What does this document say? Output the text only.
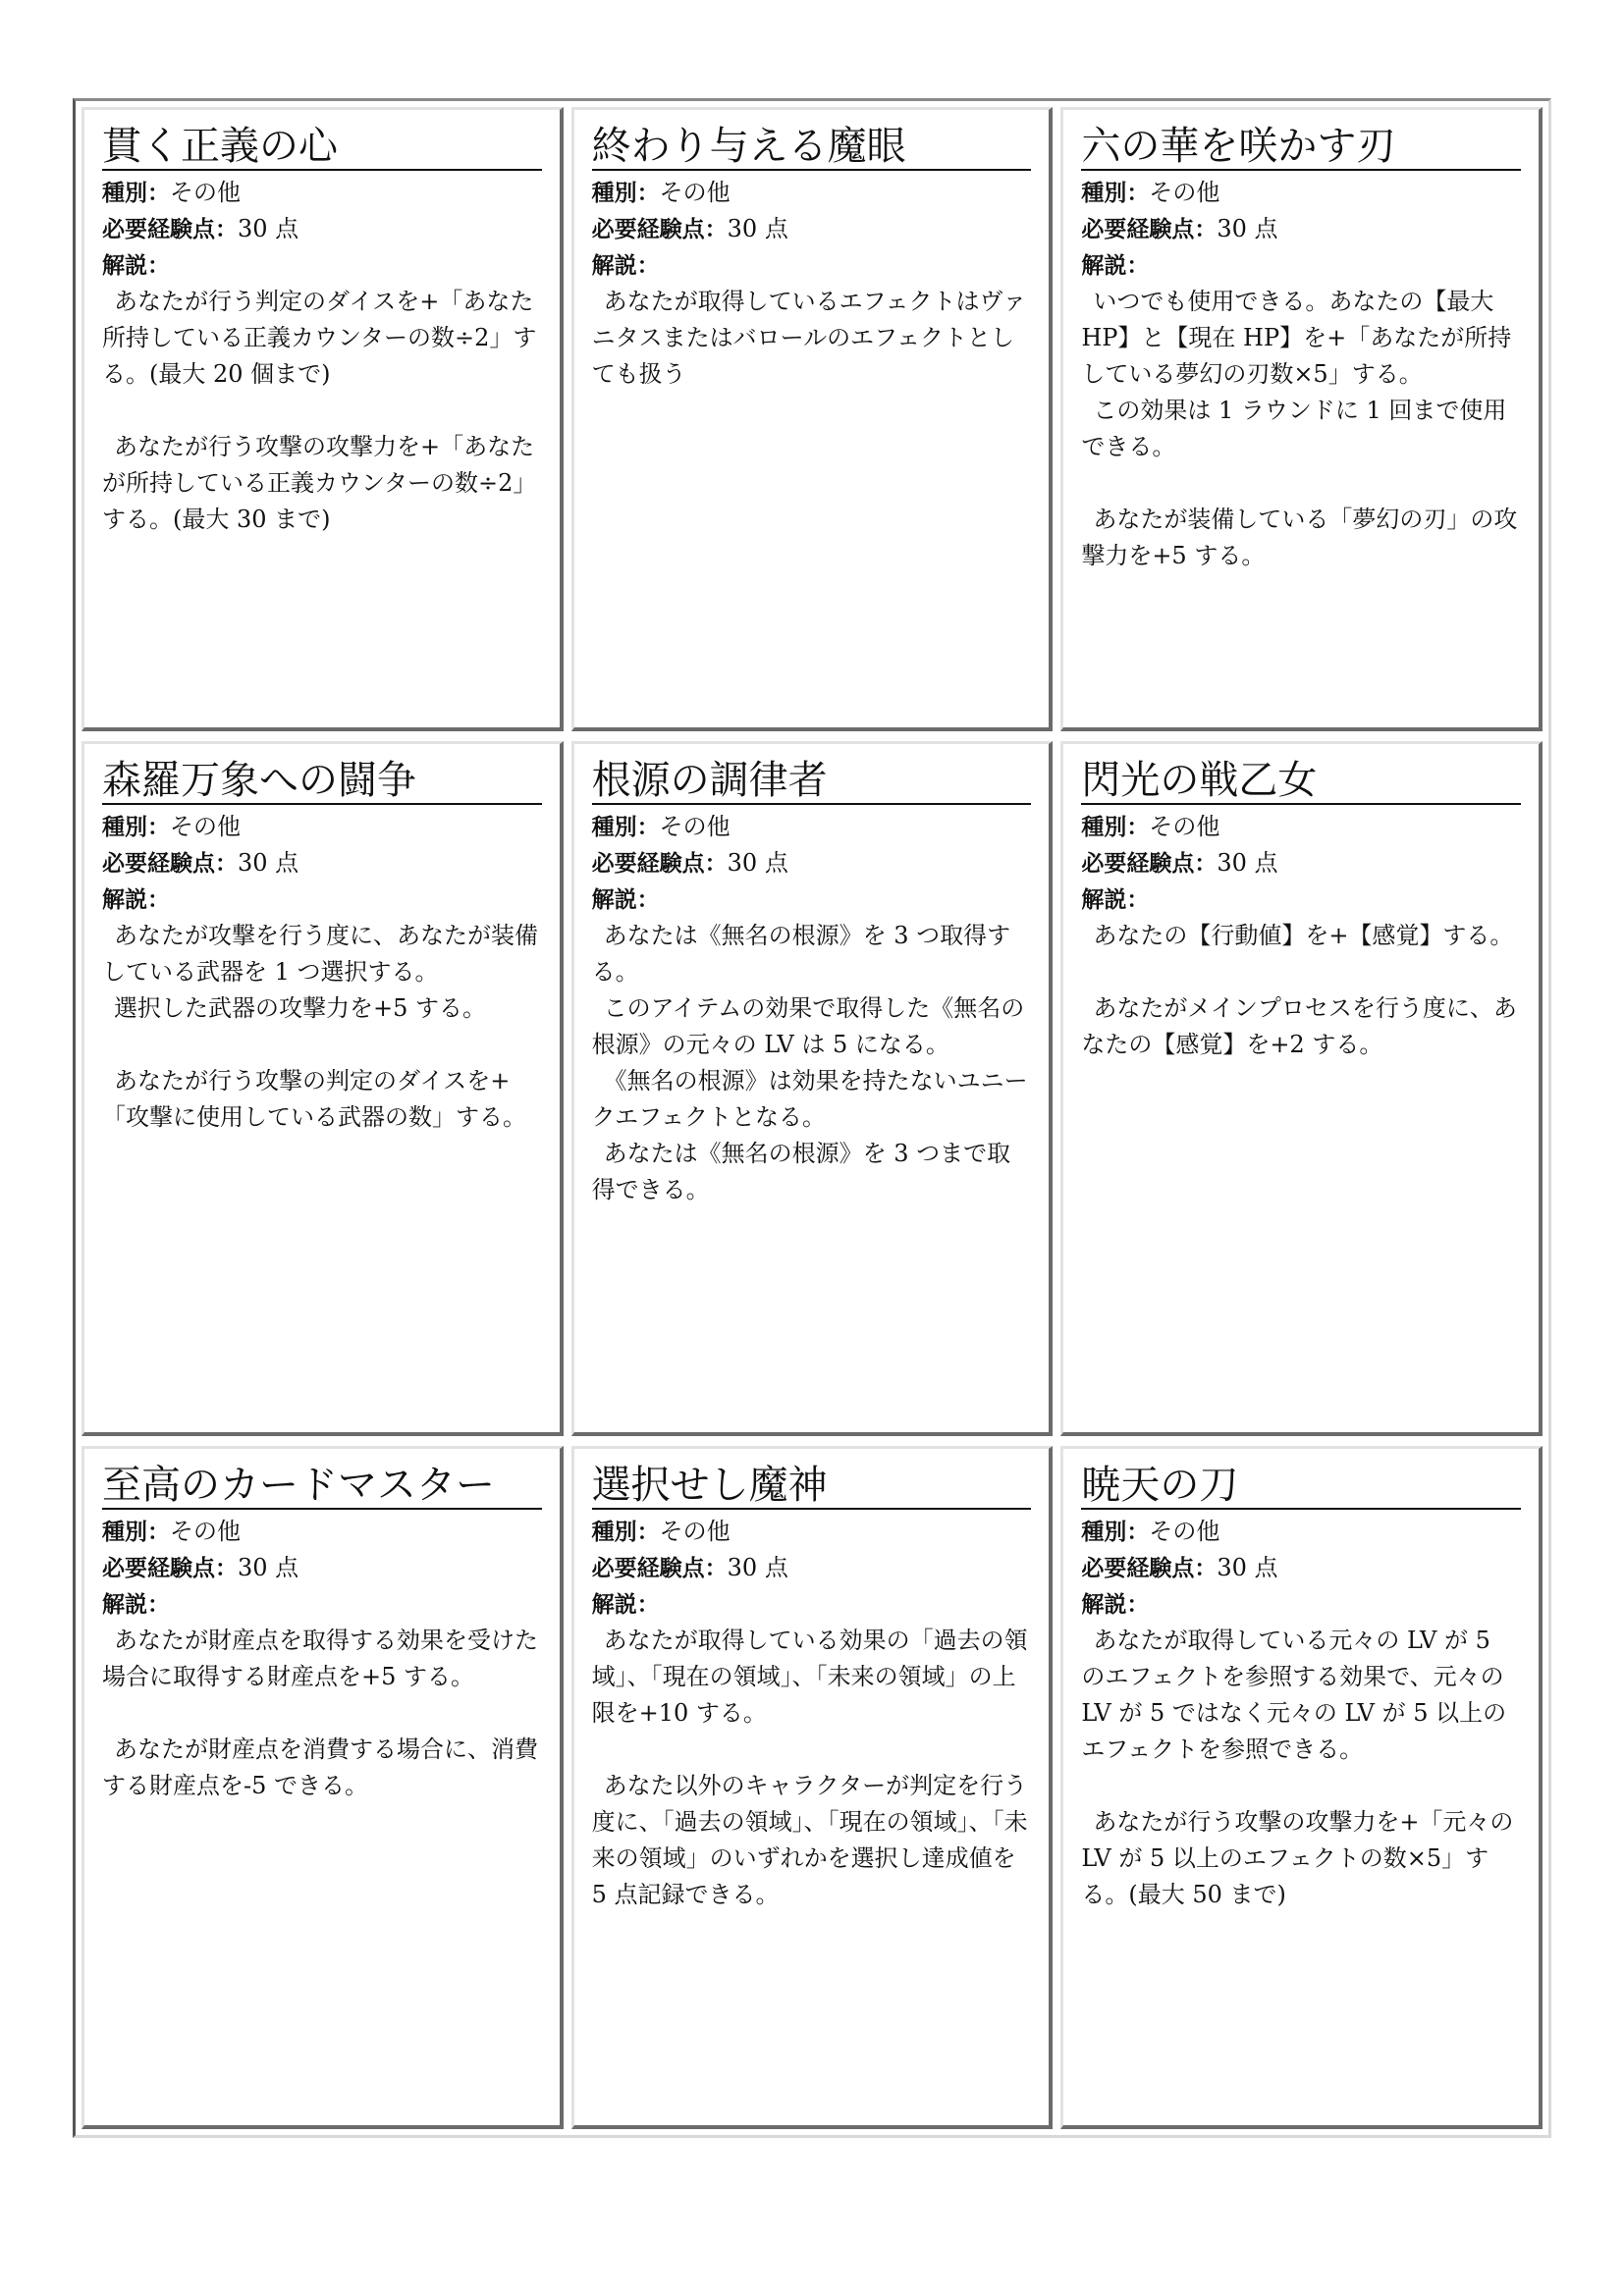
貫く正義の心
種別：その他
必要経験点：30 点
解説：
あなたが行う判定のダイスを+「あなた所持している正義カウンターの数÷2」する。(最大 20 個まで)
あなたが行う攻撃の攻撃力を+「あなたが所持している正義カウンターの数÷2」する。(最大 30 まで)
終わり与える魔眼
種別：その他
必要経験点：30 点
解説：
あなたが取得しているエフェクトはヴァニタスまたはバロールのエフェクトとしても扱う
六の華を咲かす刃
種別：その他
必要経験点：30 点
解説：
いつでも使用できる。あなたの【最大 HP】と【現在 HP】を+「あなたが所持している夢幻の刃数×5」する。
この効果は 1 ラウンドに 1 回まで使用できる。
あなたが装備している「夢幻の刃」の攻撃力を+5 する。
森羅万象への闘争
種別：その他
必要経験点：30 点
解説：
あなたが攻撃を行う度に、あなたが装備している武器を 1 つ選択する。
選択した武器の攻撃力を+5 する。
あなたが行う攻撃の判定のダイスを+「攻撃に使用している武器の数」する。
根源の調律者
種別：その他
必要経験点：30 点
解説：
あなたは《無名の根源》を 3 つ取得する。
このアイテムの効果で取得した《無名の根源》の元々の LV は 5 になる。
《無名の根源》は効果を持たないユニークエフェクトとなる。
あなたは《無名の根源》を 3 つまで取得できる。
閃光の戦乙女
種別：その他
必要経験点：30 点
解説：
あなたの【行動値】を+【感覚】する。
あなたがメインプロセスを行う度に、あなたの【感覚】を+2 する。
至高のカードマスター
種別：その他
必要経験点：30 点
解説：
あなたが財産点を取得する効果を受けた場合に取得する財産点を+5 する。
あなたが財産点を消費する場合に、消費する財産点を-5 できる。
選択せし魔神
種別：その他
必要経験点：30 点
解説：
あなたが取得している効果の「過去の領域」、「現在の領域」、「未来の領域」の上限を+10 する。
あなた以外のキャラクターが判定を行う度に、「過去の領域」、「現在の領域」、「未来の領域」のいずれかを選択し達成値を 5 点記録できる。
暁天の刀
種別：その他
必要経験点：30 点
解説：
あなたが取得している元々の LV が 5 のエフェクトを参照する効果で、元々の LV が 5 ではなく元々の LV が 5 以上のエフェクトを参照できる。
あなたが行う攻撃の攻撃力を+「元々の LV が 5 以上のエフェクトの数×5」する。(最大 50 まで)
